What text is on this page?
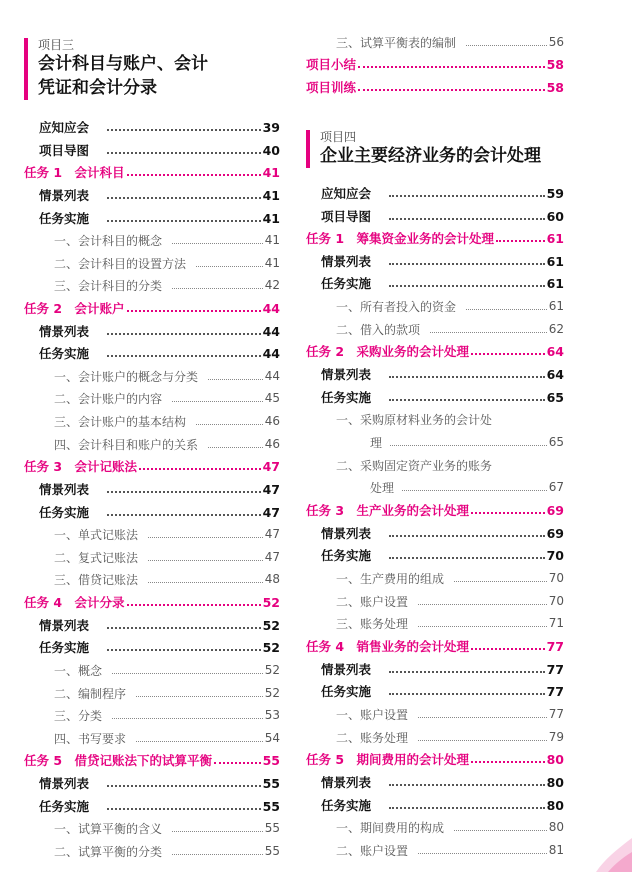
项目三
会计科目与账户、会计
凭证和会计分录
应知应会	39
项目导图	40
任务 1　会计科目	41
情景列表	41
任务实施	41
一、会计科目的概念	41
二、会计科目的设置方法	41
三、会计科目的分类	42
任务 2　会计账户	44
情景列表	44
任务实施	44
一、会计账户的概念与分类	44
二、会计账户的内容	45
三、会计账户的基本结构	46
四、会计科目和账户的关系	46
任务 3　会计记账法	47
情景列表	47
任务实施	47
一、单式记账法	47
二、复式记账法	47
三、借贷记账法	48
任务 4　会计分录	52
情景列表	52
任务实施	52
一、概念	52
二、编制程序	52
三、分类	53
四、书写要求	54
任务 5　借贷记账法下的试算平衡	55
情景列表	55
任务实施	55
一、试算平衡的含义	55
二、试算平衡的分类	55
三、试算平衡表的编制	56
项目小结	58
项目训练	58
项目四
企业主要经济业务的会计处理
应知应会	59
项目导图	60
任务 1　筹集资金业务的会计处理	61
情景列表	61
任务实施	61
一、所有者投入的资金	61
二、借入的款项	62
任务 2　采购业务的会计处理	64
情景列表	64
任务实施	65
一、采购原材料业务的会计处
理	65
二、采购固定资产业务的账务
处理	67
任务 3　生产业务的会计处理	69
情景列表	69
任务实施	70
一、生产费用的组成	70
二、账户设置	70
三、账务处理	71
任务 4　销售业务的会计处理	77
情景列表	77
任务实施	77
一、账户设置	77
二、账务处理	79
任务 5　期间费用的会计处理	80
情景列表	80
任务实施	80
一、期间费用的构成	80
二、账户设置	81
